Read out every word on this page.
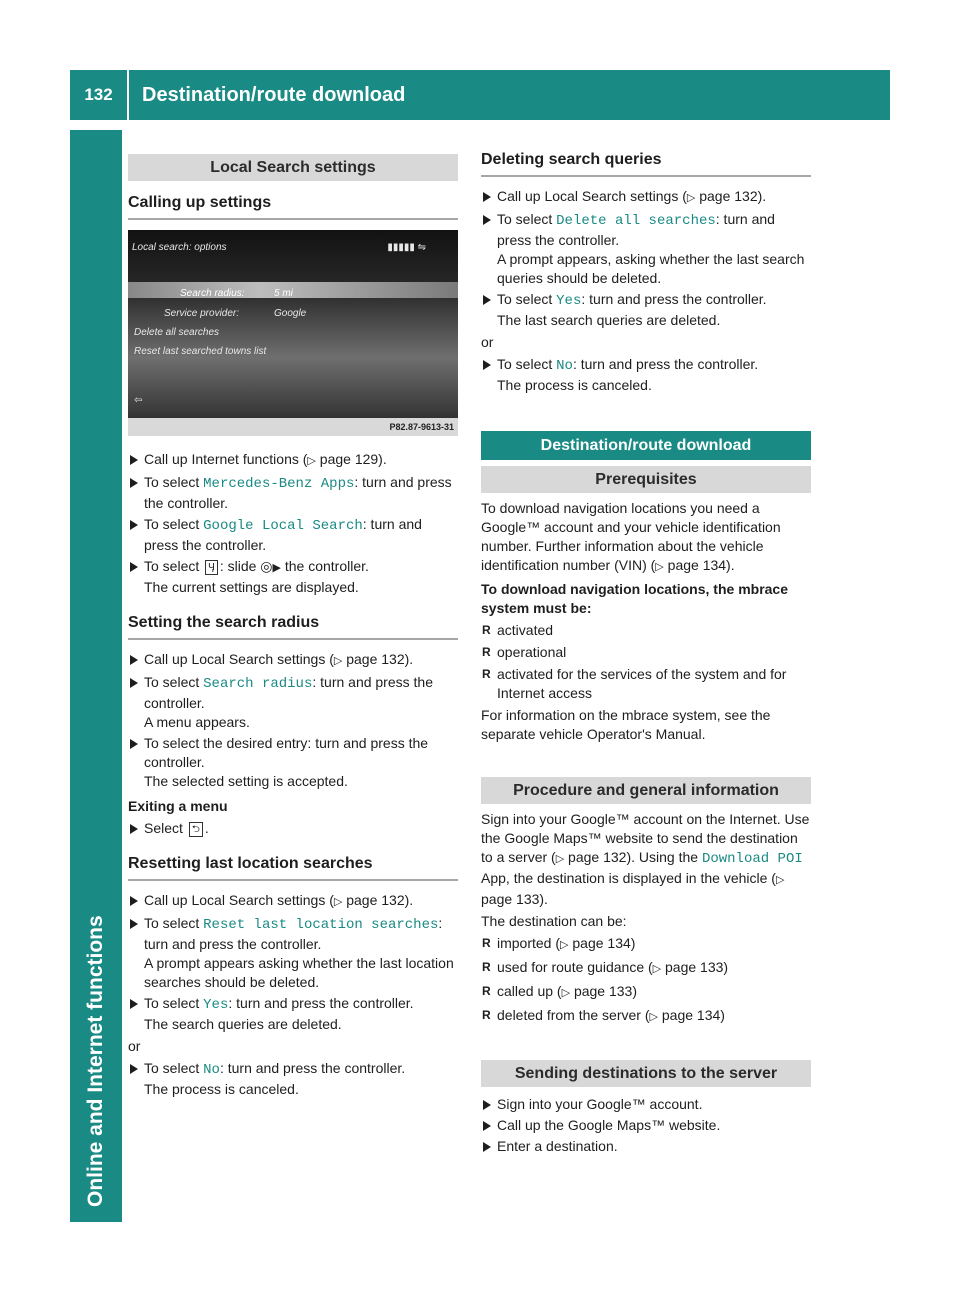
132	Destination/route download
Online and Internet functions
Local Search settings
Calling up settings
Local search: options	▮▮▮▮▮ ⇋
Search radius:	5 mi
Service provider:	Google
Delete all searches
Reset last searched towns list
⇦
P82.87-9613-31
Call up Internet functions (▷ page 129).
To select Mercedes-Benz Apps: turn and press the controller.
To select Google Local Search: turn and press the controller.
To select Ӌ : slide ◎▶ the controller.
The current settings are displayed.
Setting the search radius
Call up Local Search settings (▷ page 132).
To select Search radius: turn and press the controller.
A menu appears.
To select the desired entry: turn and press the controller.
The selected setting is accepted.
Exiting a menu
Select ⮌ .
Resetting last location searches
Call up Local Search settings (▷ page 132).
To select Reset last location searches: turn and press the controller.
A prompt appears asking whether the last location searches should be deleted.
To select Yes: turn and press the controller.
The search queries are deleted.
or
To select No: turn and press the controller.
The process is canceled.
Deleting search queries
Call up Local Search settings (▷ page 132).
To select Delete all searches: turn and press the controller.
A prompt appears, asking whether the last search queries should be deleted.
To select Yes: turn and press the controller.
The last search queries are deleted.
or
To select No: turn and press the controller.
The process is canceled.
Destination/route download
Prerequisites
To download navigation locations you need a Google™ account and your vehicle identification number. Further information about the vehicle identification number (VIN) (▷ page 134).
To download navigation locations, the mbrace system must be:
R activated
R operational
R activated for the services of the system and for Internet access
For information on the mbrace system, see the separate vehicle Operator's Manual.
Procedure and general information
Sign into your Google™ account on the Internet. Use the Google Maps™ website to send the destination to a server (▷ page 132). Using the Download POI App, the destination is displayed in the vehicle (▷ page 133).
The destination can be:
R imported (▷ page 134)
R used for route guidance (▷ page 133)
R called up (▷ page 133)
R deleted from the server (▷ page 134)
Sending destinations to the server
Sign into your Google™ account.
Call up the Google Maps™ website.
Enter a destination.
